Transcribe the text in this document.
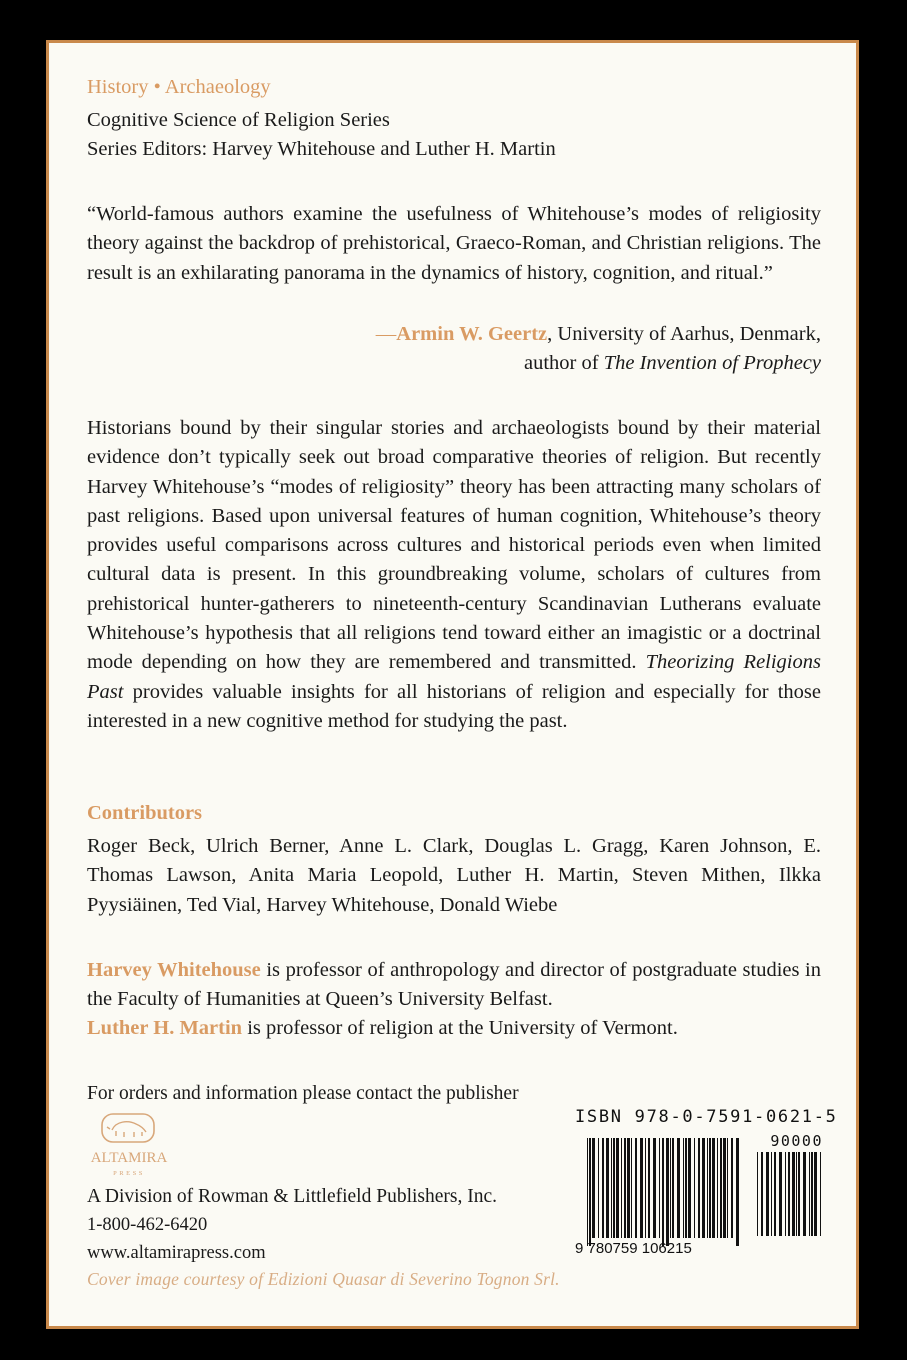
History • Archaeology
Cognitive Science of Religion Series
Series Editors: Harvey Whitehouse and Luther H. Martin

“World-famous authors examine the usefulness of Whitehouse’s modes of religiosity theory against the backdrop of prehistorical, Graeco-Roman, and Christian religions. The result is an exhilarating panorama in the dynamics of history, cognition, and ritual.”

—Armin W. Geertz, University of Aarhus, Denmark,
author of The Invention of Prophecy

Historians bound by their singular stories and archaeologists bound by their material evidence don’t typically seek out broad comparative theories of religion. But recently Harvey Whitehouse’s “modes of religiosity” theory has been attracting many scholars of past religions. Based upon universal features of human cognition, Whitehouse’s theory provides useful comparisons across cultures and historical periods even when limited cultural data is present. In this groundbreaking volume, scholars of cultures from prehistorical hunter-gatherers to nineteenth-century Scandinavian Lutherans evaluate Whitehouse’s hypothesis that all religions tend toward either an imagistic or a doctrinal mode depending on how they are remembered and transmitted. Theorizing Religions Past provides valuable insights for all historians of religion and especially for those interested in a new cognitive method for studying the past.

Contributors

Roger Beck, Ulrich Berner, Anne L. Clark, Douglas L. Gragg, Karen Johnson, E. Thomas Lawson, Anita Maria Leopold, Luther H. Martin, Steven Mithen, Ilkka Pyysiäinen, Ted Vial, Harvey Whitehouse, Donald Wiebe

Harvey Whitehouse is professor of anthropology and director of postgraduate studies in the Faculty of Humanities at Queen’s University Belfast.

Luther H. Martin is professor of religion at the University of Vermont.

For orders and information please contact the publisher
ALTAMIRA
PRESS
A Division of Rowman & Littlefield Publishers, Inc.
1-800-462-6420
www.altamirapress.com
Cover image courtesy of Edizioni Quasar di Severino Tognon Srl.
ISBN 978-0-7591-0621-5
90000
9 780759 106215
